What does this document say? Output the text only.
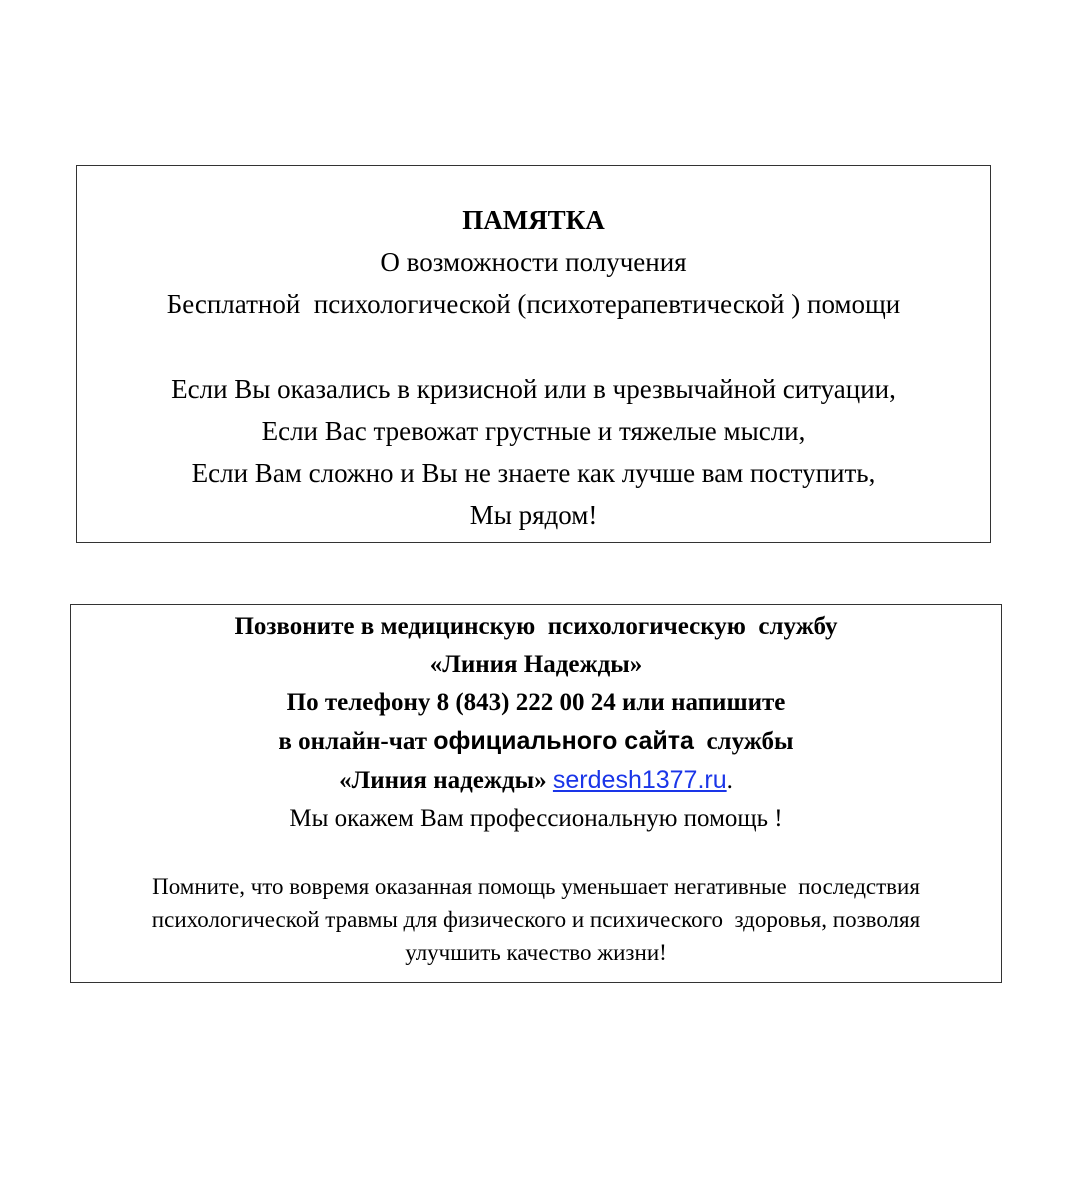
ПАМЯТКА
О возможности получения
Бесплатной  психологической (психотерапевтической ) помощи
Если Вы оказались в кризисной или в чрезвычайной ситуации,
Если Вас тревожат грустные и тяжелые мысли,
Если Вам сложно и Вы не знаете как лучше вам поступить,
Мы рядом!
Позвоните в медицинскую  психологическую  службу
«Линия Надежды»
По телефону 8 (843) 222 00 24 или напишите
в онлайн-чат официального сайта  службы
«Линия надежды» serdesh1377.ru.
Мы окажем Вам профессиональную помощь !
Помните, что вовремя оказанная помощь уменьшает негативные  последствия
психологической травмы для физического и психического  здоровья, позволяя
улучшить качество жизни!
